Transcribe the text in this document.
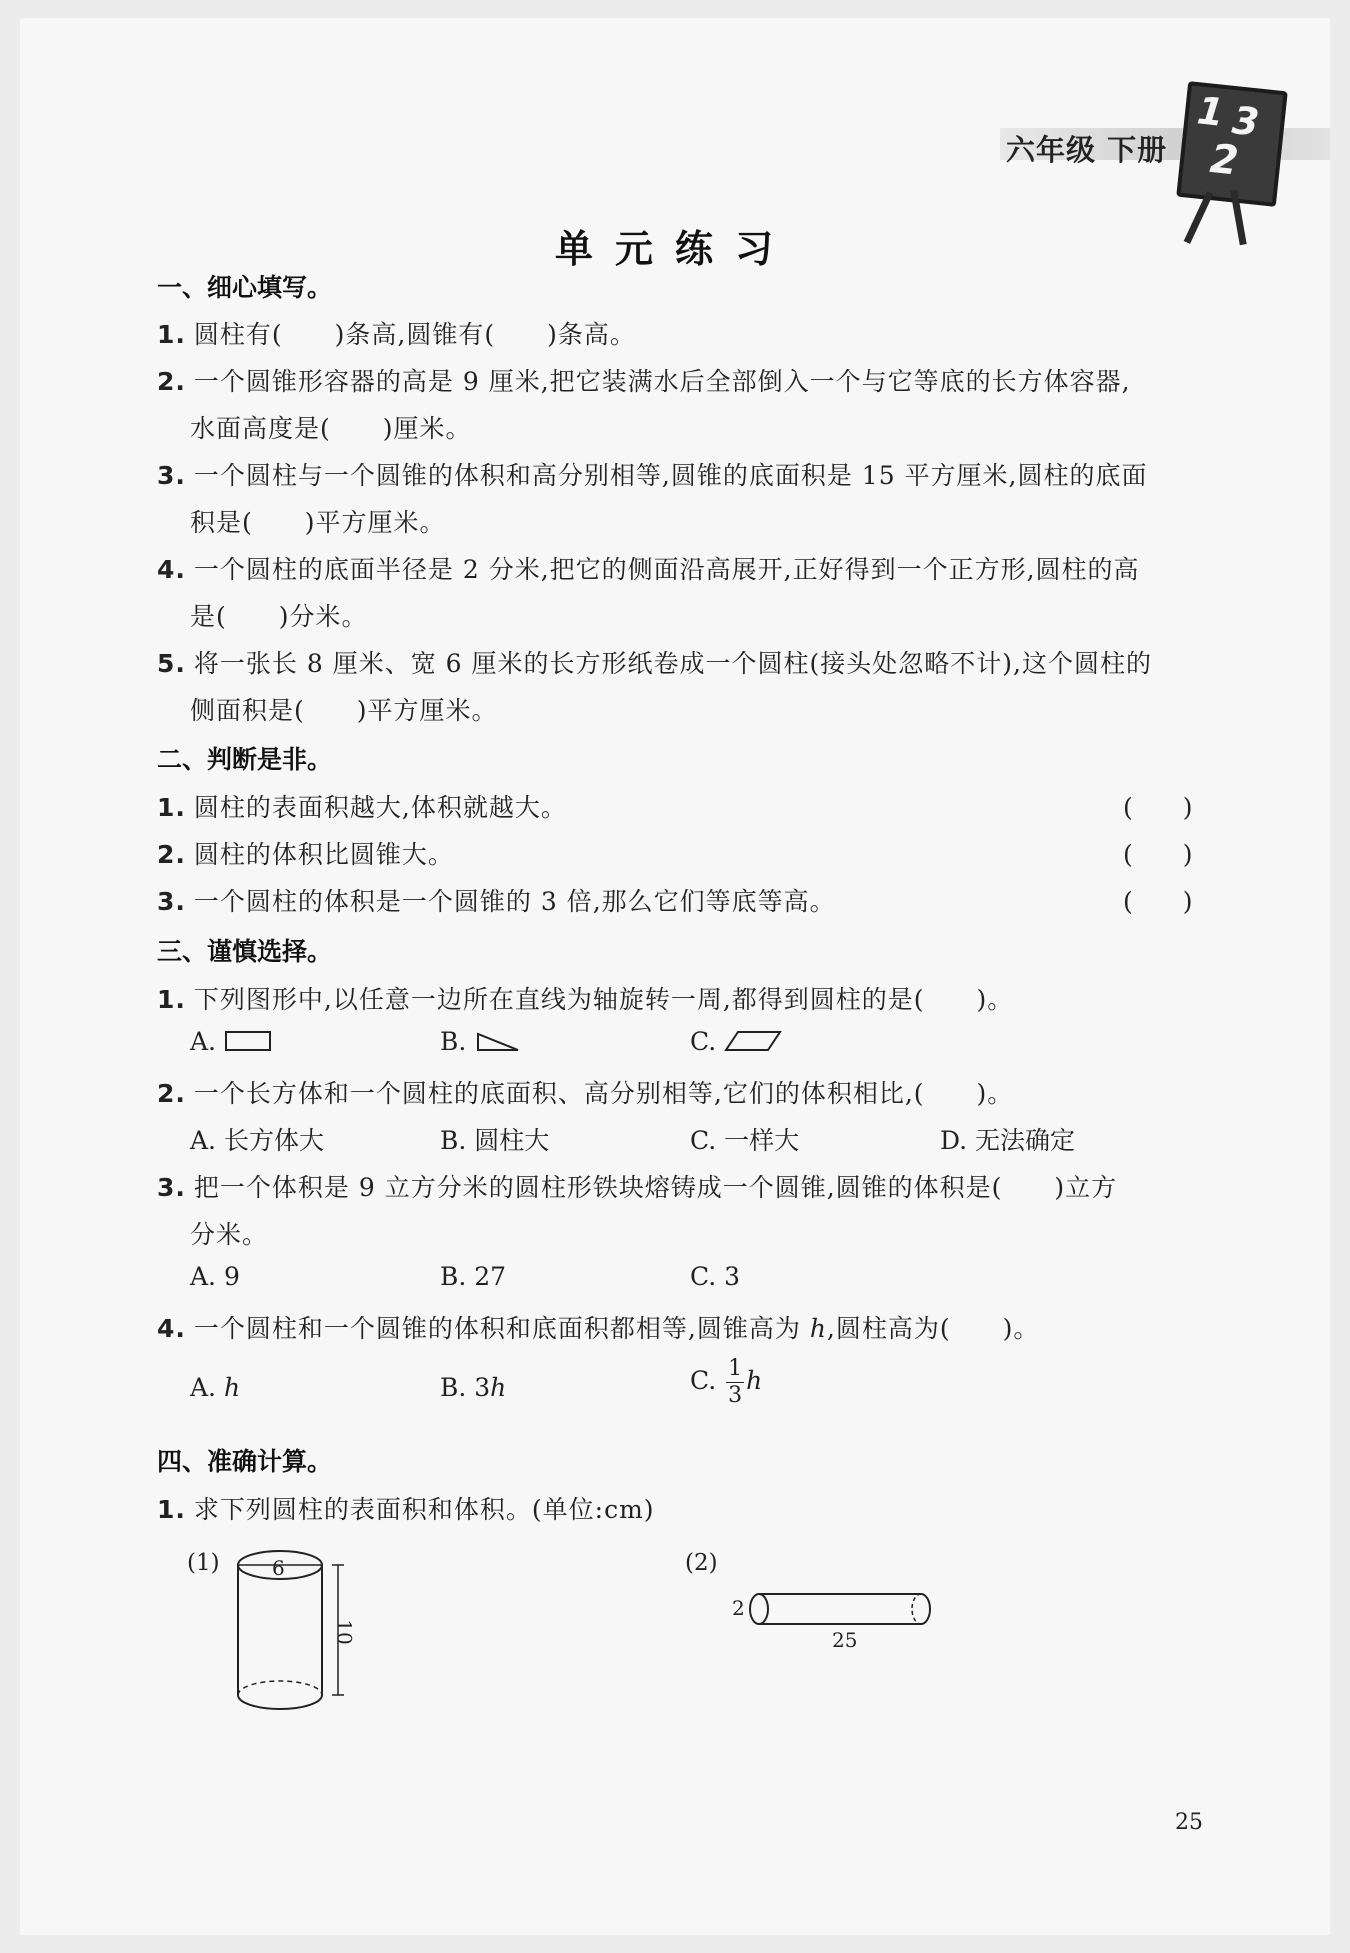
六年级 下册
1 3
2
单元练习
一、细心填写。
1. 圆柱有(　　)条高,圆锥有(　　)条高。
2. 一个圆锥形容器的高是 9 厘米,把它装满水后全部倒入一个与它等底的长方体容器,
水面高度是(　　)厘米。
3. 一个圆柱与一个圆锥的体积和高分别相等,圆锥的底面积是 15 平方厘米,圆柱的底面
积是(　　)平方厘米。
4. 一个圆柱的底面半径是 2 分米,把它的侧面沿高展开,正好得到一个正方形,圆柱的高
是(　　)分米。
5. 将一张长 8 厘米、宽 6 厘米的长方形纸卷成一个圆柱(接头处忽略不计),这个圆柱的
侧面积是(　　)平方厘米。
二、判断是非。
1. 圆柱的表面积越大,体积就越大。	(　　)
2. 圆柱的体积比圆锥大。	(　　)
3. 一个圆柱的体积是一个圆锥的 3 倍,那么它们等底等高。	(　　)
三、谨慎选择。
1. 下列图形中,以任意一边所在直线为轴旋转一周,都得到圆柱的是(　　)。
A.	B.	C.
2. 一个长方体和一个圆柱的底面积、高分别相等,它们的体积相比,(　　)。
A. 长方体大	B. 圆柱大	C. 一样大	D. 无法确定
3. 把一个体积是 9 立方分米的圆柱形铁块熔铸成一个圆锥,圆锥的体积是(　　)立方
分米。
A. 9	B. 27	C. 3
4. 一个圆柱和一个圆锥的体积和底面积都相等,圆锥高为 h,圆柱高为(　　)。
A. h	B. 3h	C. $\frac{1}{3}$ h
四、准确计算。
1. 求下列圆柱的表面积和体积。(单位:cm)
(1)	6
10
(2)
2
25
25
